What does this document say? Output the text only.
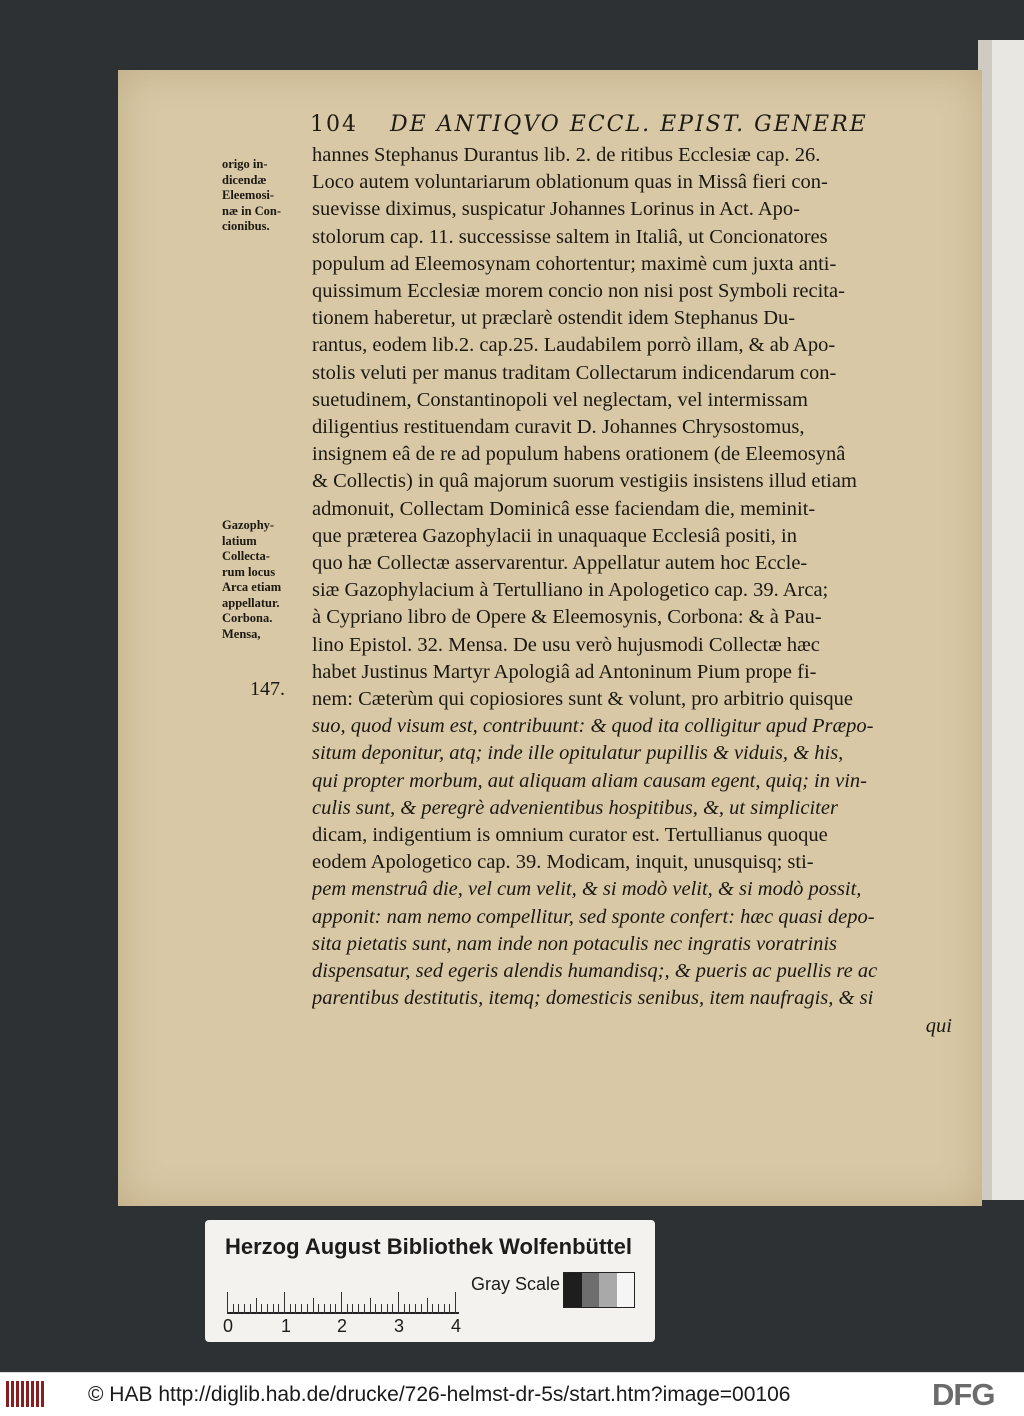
104 DE ANTIQVO ECCL. EPIST. GENERE
origo in-
dicendæ
Eleemosi-
næ in Con-
cionibus.
Gazophy-
latium
Collecta-
rum locus
Arca etiam
appellatur.
Corbona.
Mensa,
147.
hannes Stephanus Durantus lib. 2. de ritibus Ecclesiæ cap. 26.
Loco autem voluntariarum oblationum quas in Missâ fieri con-
suevisse diximus, suspicatur Johannes Lorinus in Act. Apo-
stolorum cap. 11. successisse saltem in Italiâ, ut Concionatores
populum ad Eleemosynam cohortentur; maximè cum juxta anti-
quissimum Ecclesiæ morem concio non nisi post Symboli recita-
tionem haberetur, ut præclarè ostendit idem Stephanus Du-
rantus, eodem lib.2. cap.25. Laudabilem porrò illam, & ab Apo-
stolis veluti per manus traditam Collectarum indicendarum con-
suetudinem, Constantinopoli vel neglectam, vel intermissam
diligentius restituendam curavit D. Johannes Chrysostomus,
insignem eâ de re ad populum habens orationem (de Eleemosynâ
& Collectis) in quâ majorum suorum vestigiis insistens illud etiam
admonuit, Collectam Dominicâ esse faciendam die, meminit-
que præterea Gazophylacii in unaquaque Ecclesiâ positi, in
quo hæ Collectæ asservarentur. Appellatur autem hoc Eccle-
siæ Gazophylacium à Tertulliano in Apologetico cap. 39. Arca;
à Cypriano libro de Opere & Eleemosynis, Corbona: & à Pau-
lino Epistol. 32. Mensa. De usu verò hujusmodi Collectæ hæc
habet Justinus Martyr Apologiâ ad Antoninum Pium prope fi-
nem: Cæterùm qui copiosiores sunt & volunt, pro arbitrio quisque
suo, quod visum est, contribuunt: & quod ita colligitur apud Præpo-
situm deponitur, atq; inde ille opitulatur pupillis & viduis, & his,
qui propter morbum, aut aliquam aliam causam egent, quiq; in vin-
culis sunt, & peregrè advenientibus hospitibus, &, ut simpliciter
dicam, indigentium is omnium curator est. Tertullianus quoque
eodem Apologetico cap. 39. Modicam, inquit, unusquisq; sti-
pem menstruâ die, vel cum velit, & si modò velit, & si modò possit,
apponit: nam nemo compellitur, sed sponte confert: hæc quasi depo-
sita pietatis sunt, nam inde non potaculis nec ingratis voratrinis
dispensatur, sed egeris alendis humandisq;, & pueris ac puellis re ac
parentibus destitutis, itemq; domesticis senibus, item naufragis, & si
qui
Herzog August Bibliothek Wolfenbüttel
0	1	2	3	4
Gray Scale
© HAB http://diglib.hab.de/drucke/726-helmst-dr-5s/start.htm?image=00106	DFG
